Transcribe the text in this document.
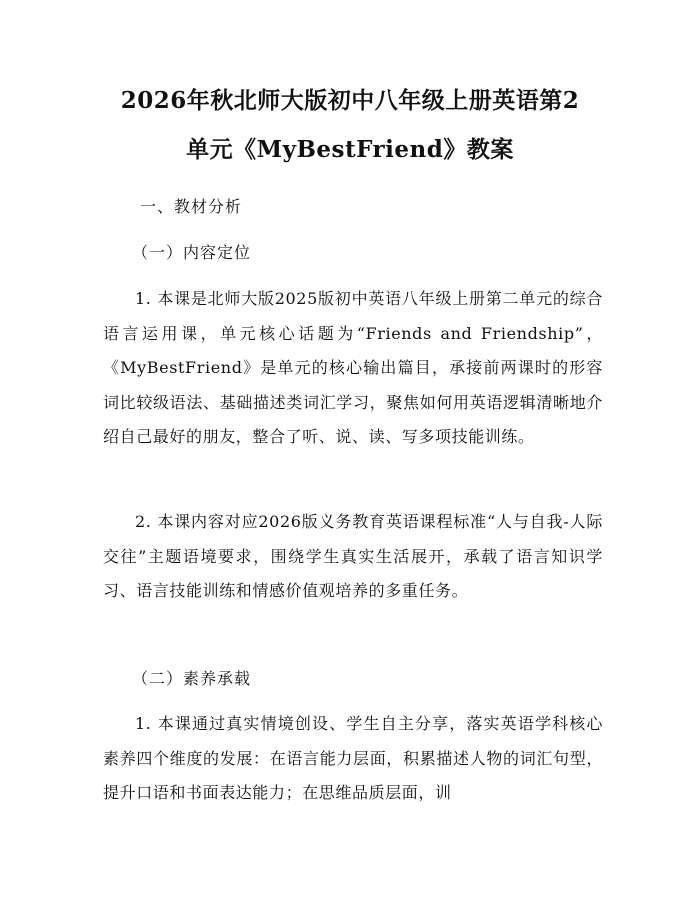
2026年秋北师大版初中八年级上册英语第2
单元《MyBestFriend》教案
一、教材分析
（一）内容定位

1. 本课是北师大版2025版初中英语八年级上册第二单元的综合语言运用课，单元核心话题为“Friends and Friendship”，《MyBestFriend》是单元的核心输出篇目，承接前两课时的形容词比较级语法、基础描述类词汇学习，聚焦如何用英语逻辑清晰地介绍自己最好的朋友，整合了听、说、读、写多项技能训练。

2. 本课内容对应2026版义务教育英语课程标准“人与自我-人际交往”主题语境要求，围绕学生真实生活展开，承载了语言知识学习、语言技能训练和情感价值观培养的多重任务。

（二）素养承载

1. 本课通过真实情境创设、学生自主分享，落实英语学科核心素养四个维度的发展：在语言能力层面，积累描述人物的词汇句型，提升口语和书面表达能力；在思维品质层面，训
